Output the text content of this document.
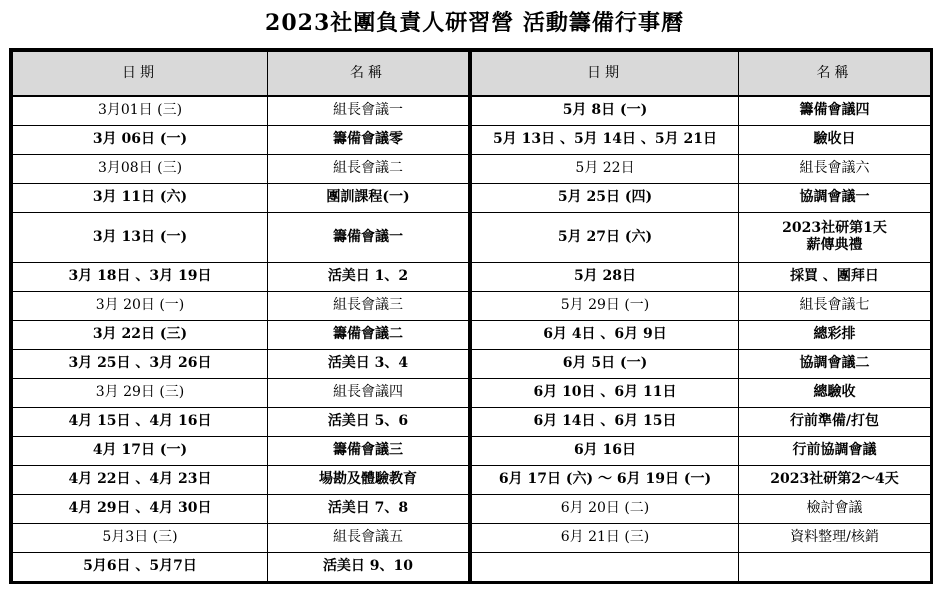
2023社團負責人研習營 活動籌備行事曆
日期	名稱
3月01日 (三)	組長會議一

3月 06日 (一)	籌備會議零

3月08日 (三)	組長會議二

3月 11日 (六)	團訓課程(一)

3月 13日 (一)	籌備會議一

3月 18日 、3月 19日	活美日 1、2

3月 20日 (一)	組長會議三

3月 22日 (三)	籌備會議二

3月 25日 、3月 26日	活美日 3、4

3月 29日 (三)	組長會議四

4月 15日 、4月 16日	活美日 5、6

4月 17日 (一)	籌備會議三

4月 22日 、4月 23日	場勘及體驗教育

4月 29日 、4月 30日	活美日 7、8

5月3日 (三)	組長會議五

5月6日 、5月7日	活美日 9、10
日期	名稱
5月 8日 (一)	籌備會議四

5月 13日 、5月 14日 、5月 21日	驗收日

5月 22日	組長會議六

5月 25日 (四)	協調會議一

5月 27日 (六)	2023社研第1天
薪傳典禮

5月 28日	採買 、團拜日

5月 29日 (一)	組長會議七

6月 4日 、6月 9日	總彩排

6月 5日 (一)	協調會議二

6月 10日 、6月 11日	總驗收

6月 14日 、6月 15日	行前準備/打包

6月 16日	行前協調會議

6月 17日 (六) ～ 6月 19日 (一)	2023社研第2～4天

6月 20日 (二)	檢討會議

6月 21日 (三)	資料整理/核銷
